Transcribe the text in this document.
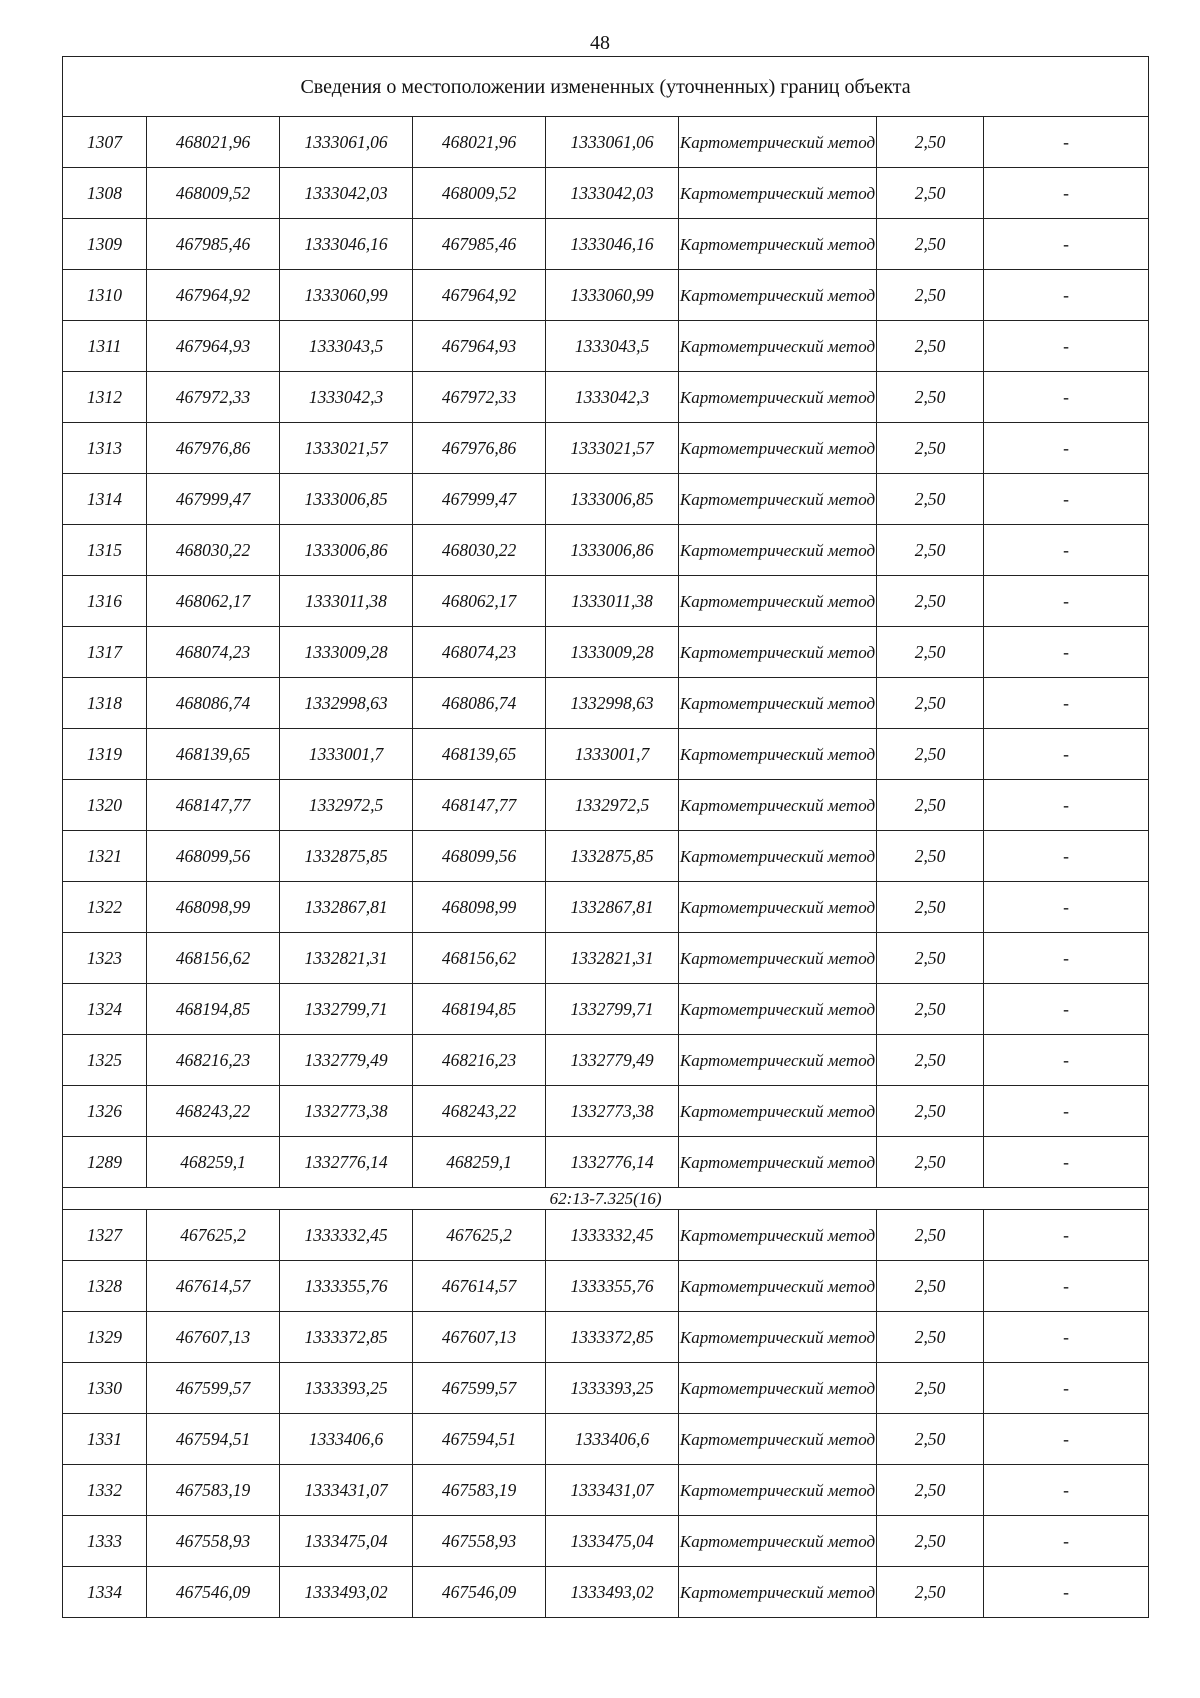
48
Сведения о местоположении измененных (уточненных) границ объекта							
1307	468021,96	1333061,06	468021,96	1333061,06	Картометрический метод	2,50	-
1308	468009,52	1333042,03	468009,52	1333042,03	Картометрический метод	2,50	-
1309	467985,46	1333046,16	467985,46	1333046,16	Картометрический метод	2,50	-
1310	467964,92	1333060,99	467964,92	1333060,99	Картометрический метод	2,50	-
1311	467964,93	1333043,5	467964,93	1333043,5	Картометрический метод	2,50	-
1312	467972,33	1333042,3	467972,33	1333042,3	Картометрический метод	2,50	-
1313	467976,86	1333021,57	467976,86	1333021,57	Картометрический метод	2,50	-
1314	467999,47	1333006,85	467999,47	1333006,85	Картометрический метод	2,50	-
1315	468030,22	1333006,86	468030,22	1333006,86	Картометрический метод	2,50	-
1316	468062,17	1333011,38	468062,17	1333011,38	Картометрический метод	2,50	-
1317	468074,23	1333009,28	468074,23	1333009,28	Картометрический метод	2,50	-
1318	468086,74	1332998,63	468086,74	1332998,63	Картометрический метод	2,50	-
1319	468139,65	1333001,7	468139,65	1333001,7	Картометрический метод	2,50	-
1320	468147,77	1332972,5	468147,77	1332972,5	Картометрический метод	2,50	-
1321	468099,56	1332875,85	468099,56	1332875,85	Картометрический метод	2,50	-
1322	468098,99	1332867,81	468098,99	1332867,81	Картометрический метод	2,50	-
1323	468156,62	1332821,31	468156,62	1332821,31	Картометрический метод	2,50	-
1324	468194,85	1332799,71	468194,85	1332799,71	Картометрический метод	2,50	-
1325	468216,23	1332779,49	468216,23	1332779,49	Картометрический метод	2,50	-
1326	468243,22	1332773,38	468243,22	1332773,38	Картометрический метод	2,50	-
1289	468259,1	1332776,14	468259,1	1332776,14	Картометрический метод	2,50	-
62:13-7.325(16)							
1327	467625,2	1333332,45	467625,2	1333332,45	Картометрический метод	2,50	-
1328	467614,57	1333355,76	467614,57	1333355,76	Картометрический метод	2,50	-
1329	467607,13	1333372,85	467607,13	1333372,85	Картометрический метод	2,50	-
1330	467599,57	1333393,25	467599,57	1333393,25	Картометрический метод	2,50	-
1331	467594,51	1333406,6	467594,51	1333406,6	Картометрический метод	2,50	-
1332	467583,19	1333431,07	467583,19	1333431,07	Картометрический метод	2,50	-
1333	467558,93	1333475,04	467558,93	1333475,04	Картометрический метод	2,50	-
1334	467546,09	1333493,02	467546,09	1333493,02	Картометрический метод	2,50	-
